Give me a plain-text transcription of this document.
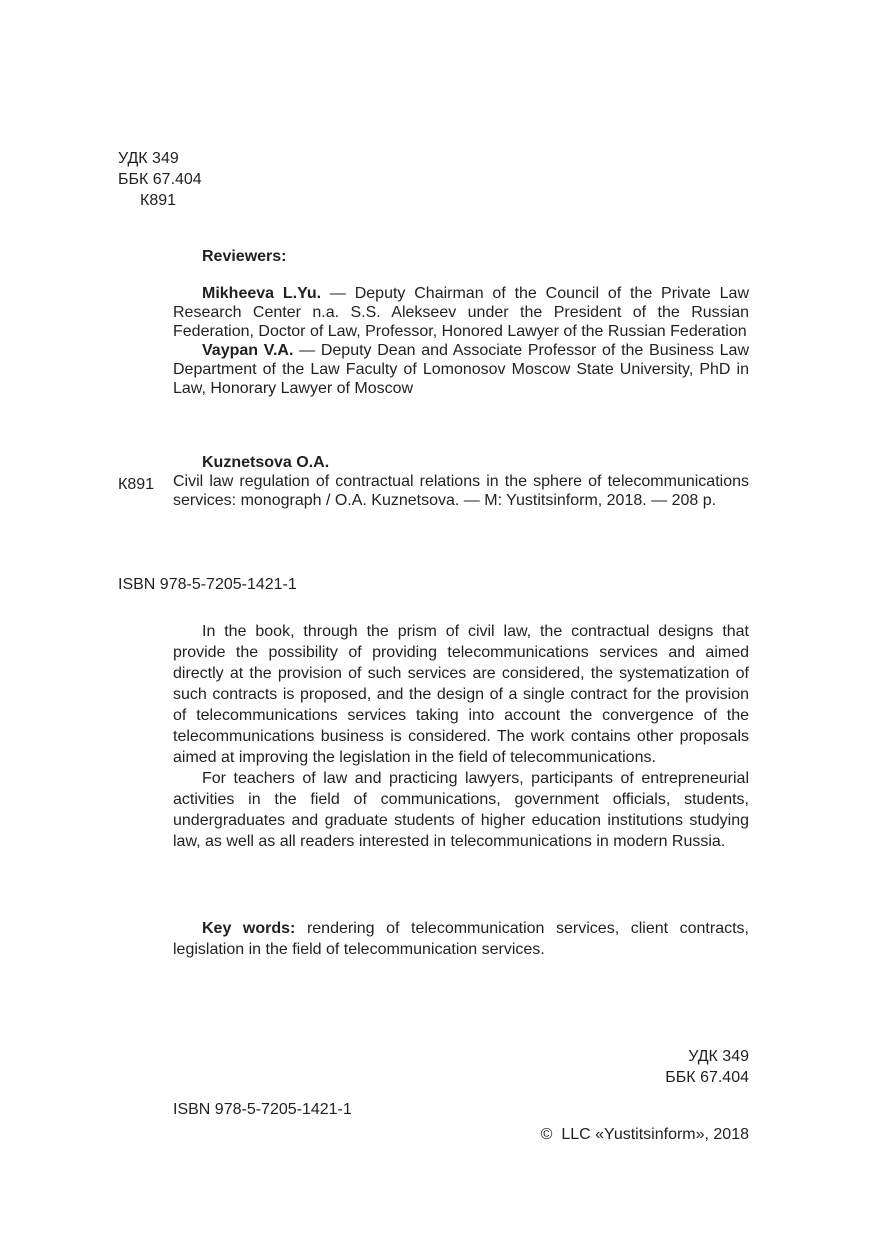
УДК 349
ББК 67.404
К891

Reviewers:

Mikheeva L.Yu. — Deputy Chairman of the Council of the Private Law Research Center n.a. S.S. Alekseev under the President of the Russian Federation, Doctor of Law, Professor, Honored Lawyer of the Russian Federation

Vaypan V.A. — Deputy Dean and Associate Professor of the Business Law Department of the Law Faculty of Lomonosov Moscow State University, PhD in Law, Honorary Lawyer of Moscow

Kuznetsova O.A.

Civil law regulation of contractual relations in the sphere of telecommunications services: monograph / O.A. Kuznetsova. — M: Yustitsinform, 2018. — 208 p.

К891
ISBN 978-5-7205-1421-1

In the book, through the prism of civil law, the contractual designs that provide the possibility of providing telecommunications services and aimed directly at the provision of such services are considered, the systematization of such contracts is proposed, and the design of a single contract for the provision of telecommunications services taking into account the convergence of the telecommunications business is considered. The work contains other proposals aimed at improving the legislation in the field of telecommunications.

For teachers of law and practicing lawyers, participants of entrepreneurial activities in the field of communications, government officials, students, undergraduates and graduate students of higher education institutions studying law, as well as all readers interested in telecommunications in modern Russia.

Key words: rendering of telecommunication services, client contracts, legislation in the field of telecommunication services.

УДК 349
ББК 67.404
ISBN 978-5-7205-1421-1
©  LLC «Yustitsinform», 2018
